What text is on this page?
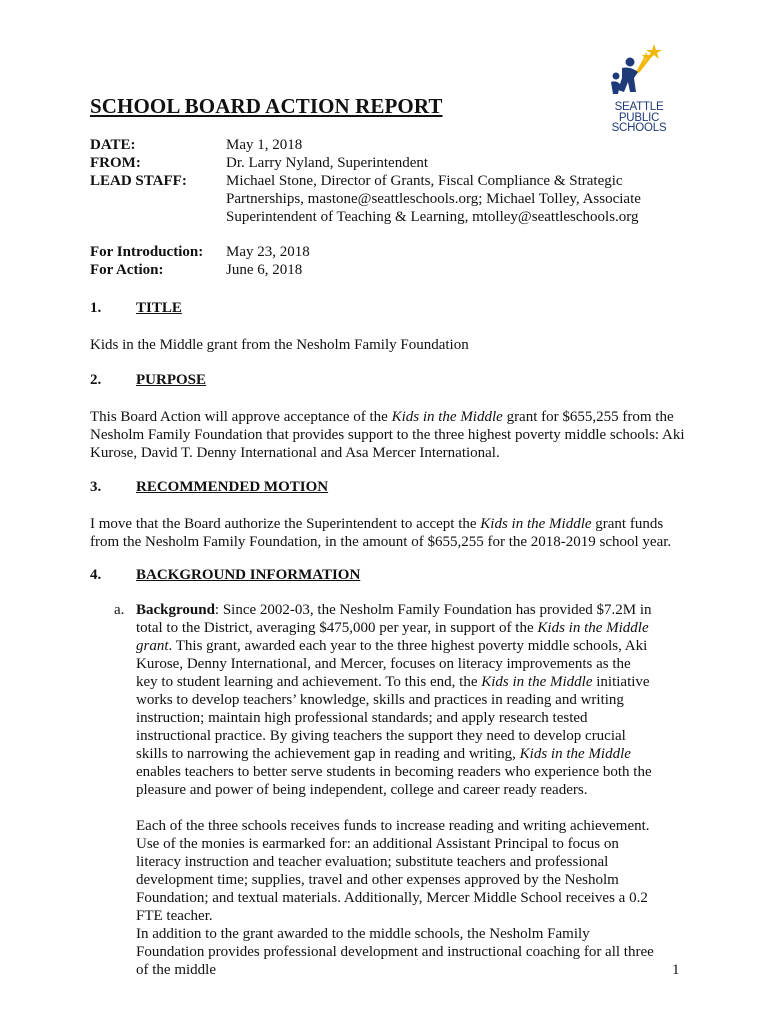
SEATTLE
PUBLIC
SCHOOLS
SCHOOL BOARD ACTION REPORT
DATE:	May 1, 2018
FROM:	Dr. Larry Nyland, Superintendent
LEAD STAFF:	Michael Stone, Director of Grants, Fiscal Compliance & Strategic Partnerships, mastone@seattleschools.org; Michael Tolley, Associate Superintendent of Teaching & Learning, mtolley@seattleschools.org
For Introduction: May 23, 2018
For Action:	June 6, 2018
1. TITLE
Kids in the Middle grant from the Nesholm Family Foundation
2. PURPOSE
This Board Action will approve acceptance of the Kids in the Middle grant for $655,255 from the Nesholm Family Foundation that provides support to the three highest poverty middle schools: Aki Kurose, David T. Denny International and Asa Mercer International.
3. RECOMMENDED MOTION
I move that the Board authorize the Superintendent to accept the Kids in the Middle grant funds from the Nesholm Family Foundation, in the amount of $655,255 for the 2018-2019 school year.
4. BACKGROUND INFORMATION
a. Background: Since 2002-03, the Nesholm Family Foundation has provided $7.2M in total to the District, averaging $475,000 per year, in support of the Kids in the Middle grant. This grant, awarded each year to the three highest poverty middle schools, Aki Kurose, Denny International, and Mercer, focuses on literacy improvements as the key to student learning and achievement. To this end, the Kids in the Middle initiative works to develop teachers’ knowledge, skills and practices in reading and writing instruction; maintain high professional standards; and apply research tested instructional practice. By giving teachers the support they need to develop crucial skills to narrowing the achievement gap in reading and writing, Kids in the Middle enables teachers to better serve students in becoming readers who experience both the pleasure and power of being independent, college and career ready readers.
Each of the three schools receives funds to increase reading and writing achievement. Use of the monies is earmarked for: an additional Assistant Principal to focus on literacy instruction and teacher evaluation; substitute teachers and professional development time; supplies, travel and other expenses approved by the Nesholm Foundation; and textual materials. Additionally, Mercer Middle School receives a 0.2 FTE teacher.
In addition to the grant awarded to the middle schools, the Nesholm Family Foundation provides professional development and instructional coaching for all three of the middle	1
